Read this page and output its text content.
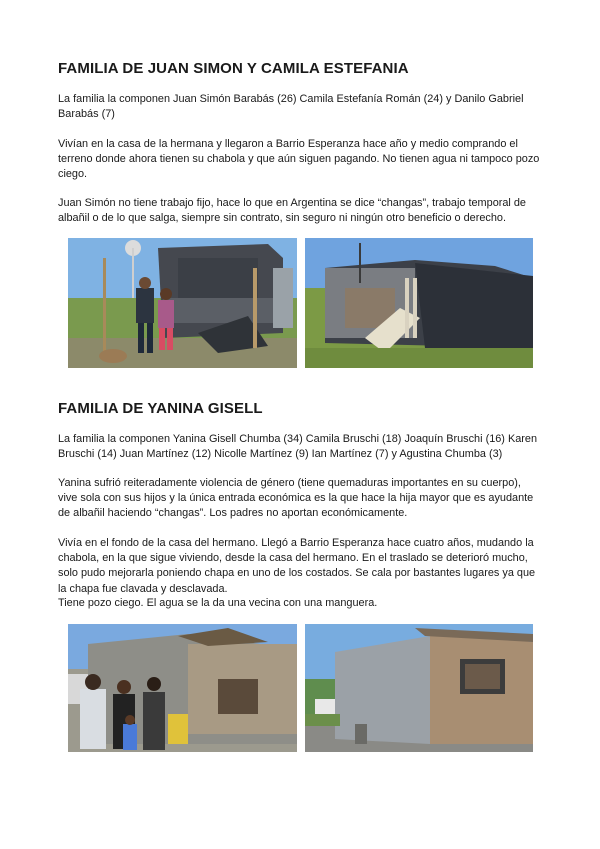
FAMILIA DE JUAN SIMON Y CAMILA ESTEFANIA

La familia la componen Juan Simón Barabás (26) Camila Estefanía Román (24) y Danilo Gabriel Barabás (7)

Vivían en la casa de la hermana y llegaron a Barrio Esperanza hace año y medio comprando el terreno donde ahora tienen su chabola y que aún siguen pagando. No tienen agua ni tampoco pozo ciego.

Juan Simón no tiene trabajo fijo, hace lo que en Argentina se dice “changas”, trabajo temporal de albañil o de lo que salga, siempre sin contrato, sin seguro ni ningún otro beneficio o derecho.

FAMILIA DE YANINA GISELL

La familia la componen Yanina Gisell Chumba (34) Camila Bruschi (18) Joaquín Bruschi (16) Karen Bruschi (14) Juan Martínez (12) Nicolle Martínez (9) Ian Martínez (7) y Agustina Chumba (3)

Yanina sufrió reiteradamente violencia de género (tiene quemaduras importantes en su cuerpo), vive sola con sus hijos y la única entrada económica es la que hace la hija mayor que es ayudante de albañil haciendo “changas”. Los padres no aportan económicamente.

Vivía en el fondo de la casa del hermano. Llegó a Barrio Esperanza hace cuatro años, mudando la chabola, en la que sigue viviendo, desde la casa del hermano. En el traslado se deterioró mucho, solo pudo mejorarla poniendo chapa en uno de los costados. Se cala por bastantes lugares ya que la chapa fue clavada y desclavada.

Tiene pozo ciego. El agua se la da una vecina con una manguera.
